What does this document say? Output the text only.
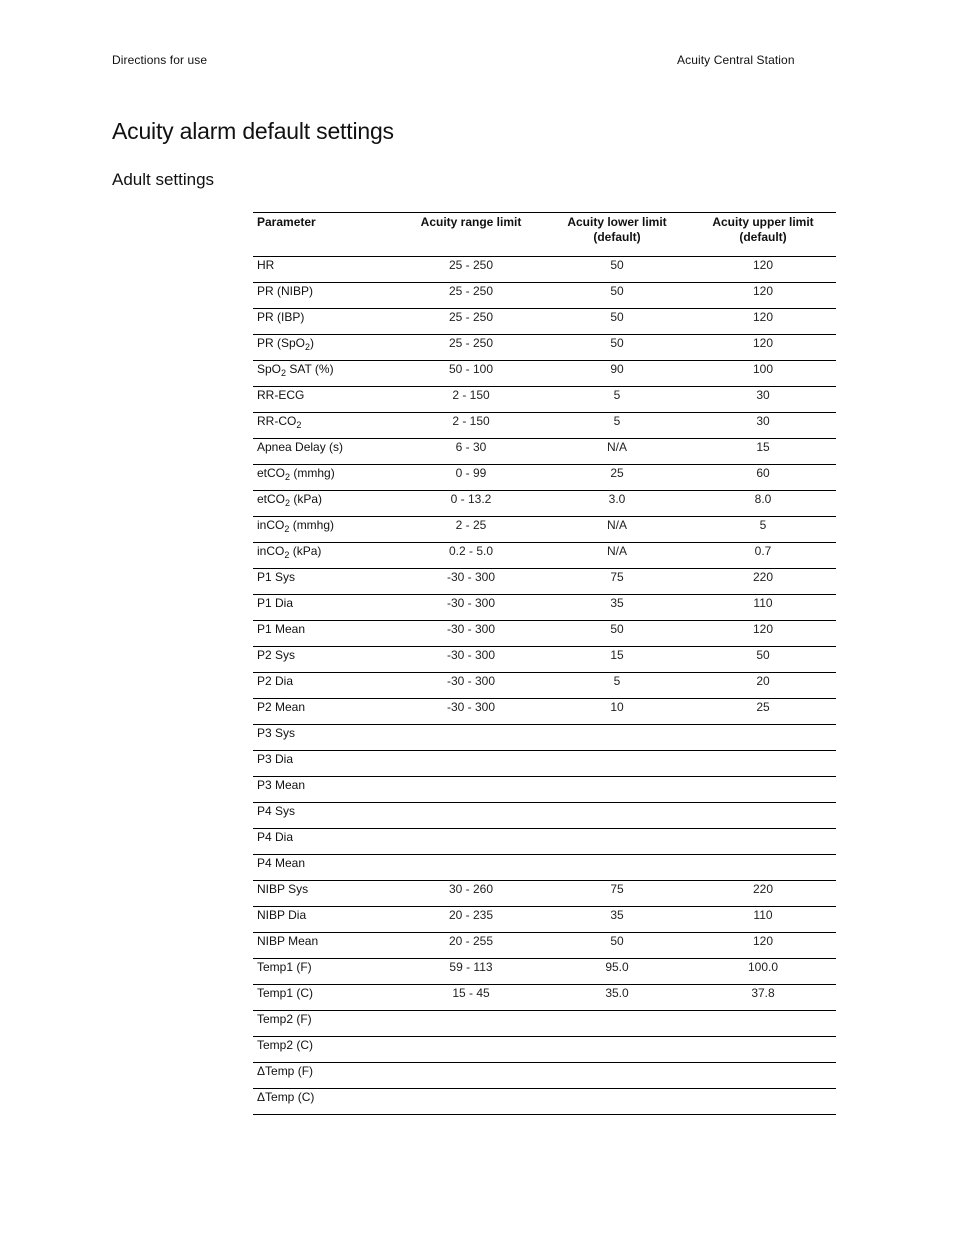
Directions for use	Acuity Central Station
Acuity alarm default settings
Adult settings
Parameter	Acuity range limit	Acuity lower limit (default)	Acuity upper limit (default)
HR	25 - 250	50	120
PR (NIBP)	25 - 250	50	120
PR (IBP)	25 - 250	50	120
PR (SpO$_2$)	25 - 250	50	120
SpO$_2$ SAT (%)	50 - 100	90	100
RR-ECG	2 - 150	5	30
$RR-CO_2$	2 - 150	5	30
Apnea Delay (s)	6 - 30	N/A	15
etCO$_2$ (mmhg)	0 - 99	25	60
etCO$_2$ (kPa)	0 - 13.2	3.0	8.0
inCO$_2$ (mmhg)	2 - 25	N/A	5
inCO$_2$ (kPa)	0.2 - 5.0	N/A	0.7
P1 Sys	-30 - 300	75	220
P1 Dia	-30 - 300	35	110
P1 Mean	-30 - 300	50	120
P2 Sys	-30 - 300	15	50
P2 Dia	-30 - 300	5	20
P2 Mean	-30 - 300	10	25
P3 Sys			
P3 Dia			
P3 Mean			
P4 Sys			
P4 Dia			
P4 Mean			
NIBP Sys	30 - 260	75	220
NIBP Dia	20 - 235	35	110
NIBP Mean	20 - 255	50	120
Temp1 (F)	59 - 113	95.0	100.0
Temp1 (C)	15 - 45	35.0	37.8
Temp2 (F)			
Temp2 (C)			
ΔTemp (F)			
ΔTemp (C)			
